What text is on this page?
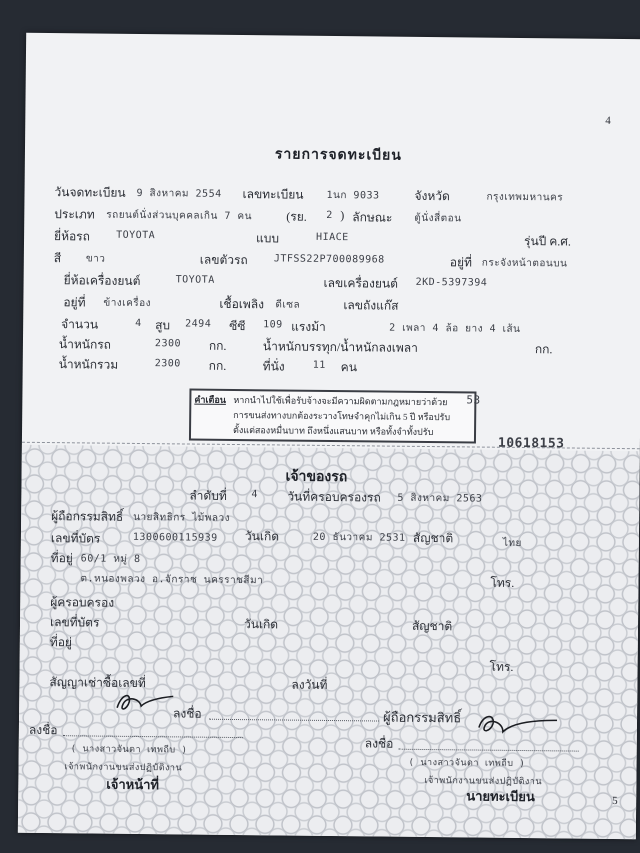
4
รายการจดทะเบียน
วันจดทะเบียน 9 สิงหาคม 2554 เลขทะเบียน 1นก 9033	จังหวัด	กรุงเทพมหานคร
ประเภท รถยนต์นั่งส่วนบุคคลเกิน 7 คน	(รย. 2 ) ลักษณะ ตู้นั่งสี่ตอน
ยี่ห้อรถ	TOYOTA	แบบ	HIACE	รุ่นปี ค.ศ.
สี ขาว	เลขตัวรถ	JTFSS22P700089968	อยู่ที่ กระจังหน้าตอนบน
ยี่ห้อเครื่องยนต์	TOYOTA	เลขเครื่องยนต์ 2KD-5397394
อยู่ที่ ข้างเครื่อง	เชื้อเพลิง ดีเซล	เลขถังแก๊ส
จำนวน	4 สูบ 2494 ซีซี 109 แรงม้า	2 เพลา 4 ล้อ ยาง 4 เส้น
น้ำหนักรถ	2300 กก.	น้ำหนักบรรทุก/น้ำหนักลงเพลา	กก.
น้ำหนักรวม	2300 กก.	ที่นั่ง	11 คน
คำเตือน หากนำไปใช้เพื่อรับจ้างจะมีความผิดตามกฎหมายว่าด้วย
การขนส่งทางบกต้องระวางโทษจำคุกไม่เกิน 5 ปี หรือปรับ
ตั้งแต่สองหมื่นบาท ถึงหนึ่งแสนบาท หรือทั้งจำทั้งปรับ
53
10618153
เจ้าของรถ
ลำดับที่ 4 วันที่ครอบครองรถ 5 สิงหาคม 2563
ผู้ถือกรรมสิทธิ์ นายสิทธิกร ไม้พลวง
เลขที่บัตร	1300600115939 วันเกิด	20 ธันวาคม 2531 สัญชาติ	ไทย
ที่อยู่ 60/1 หมู่ 8
ต.หนองพลวง อ.จักราช นครราชสีมา	โทร.
ผู้ครอบครอง
เลขที่บัตร	วันเกิด	สัญชาติ
ที่อยู่
โทร.
สัญญาเช่าซื้อเลขที่	ลงวันที่
ลงชื่อ	ผู้ถือกรรมสิทธิ์
ลงชื่อ
( นางสาวจันดา เทพถีบ )
เจ้าพนักงานขนส่งปฏิบัติงาน
เจ้าหน้าที่
ลงชื่อ
( นางสาวจันดา เทพถีบ )
เจ้าพนักงานขนส่งปฏิบัติงาน
นายทะเบียน	5
